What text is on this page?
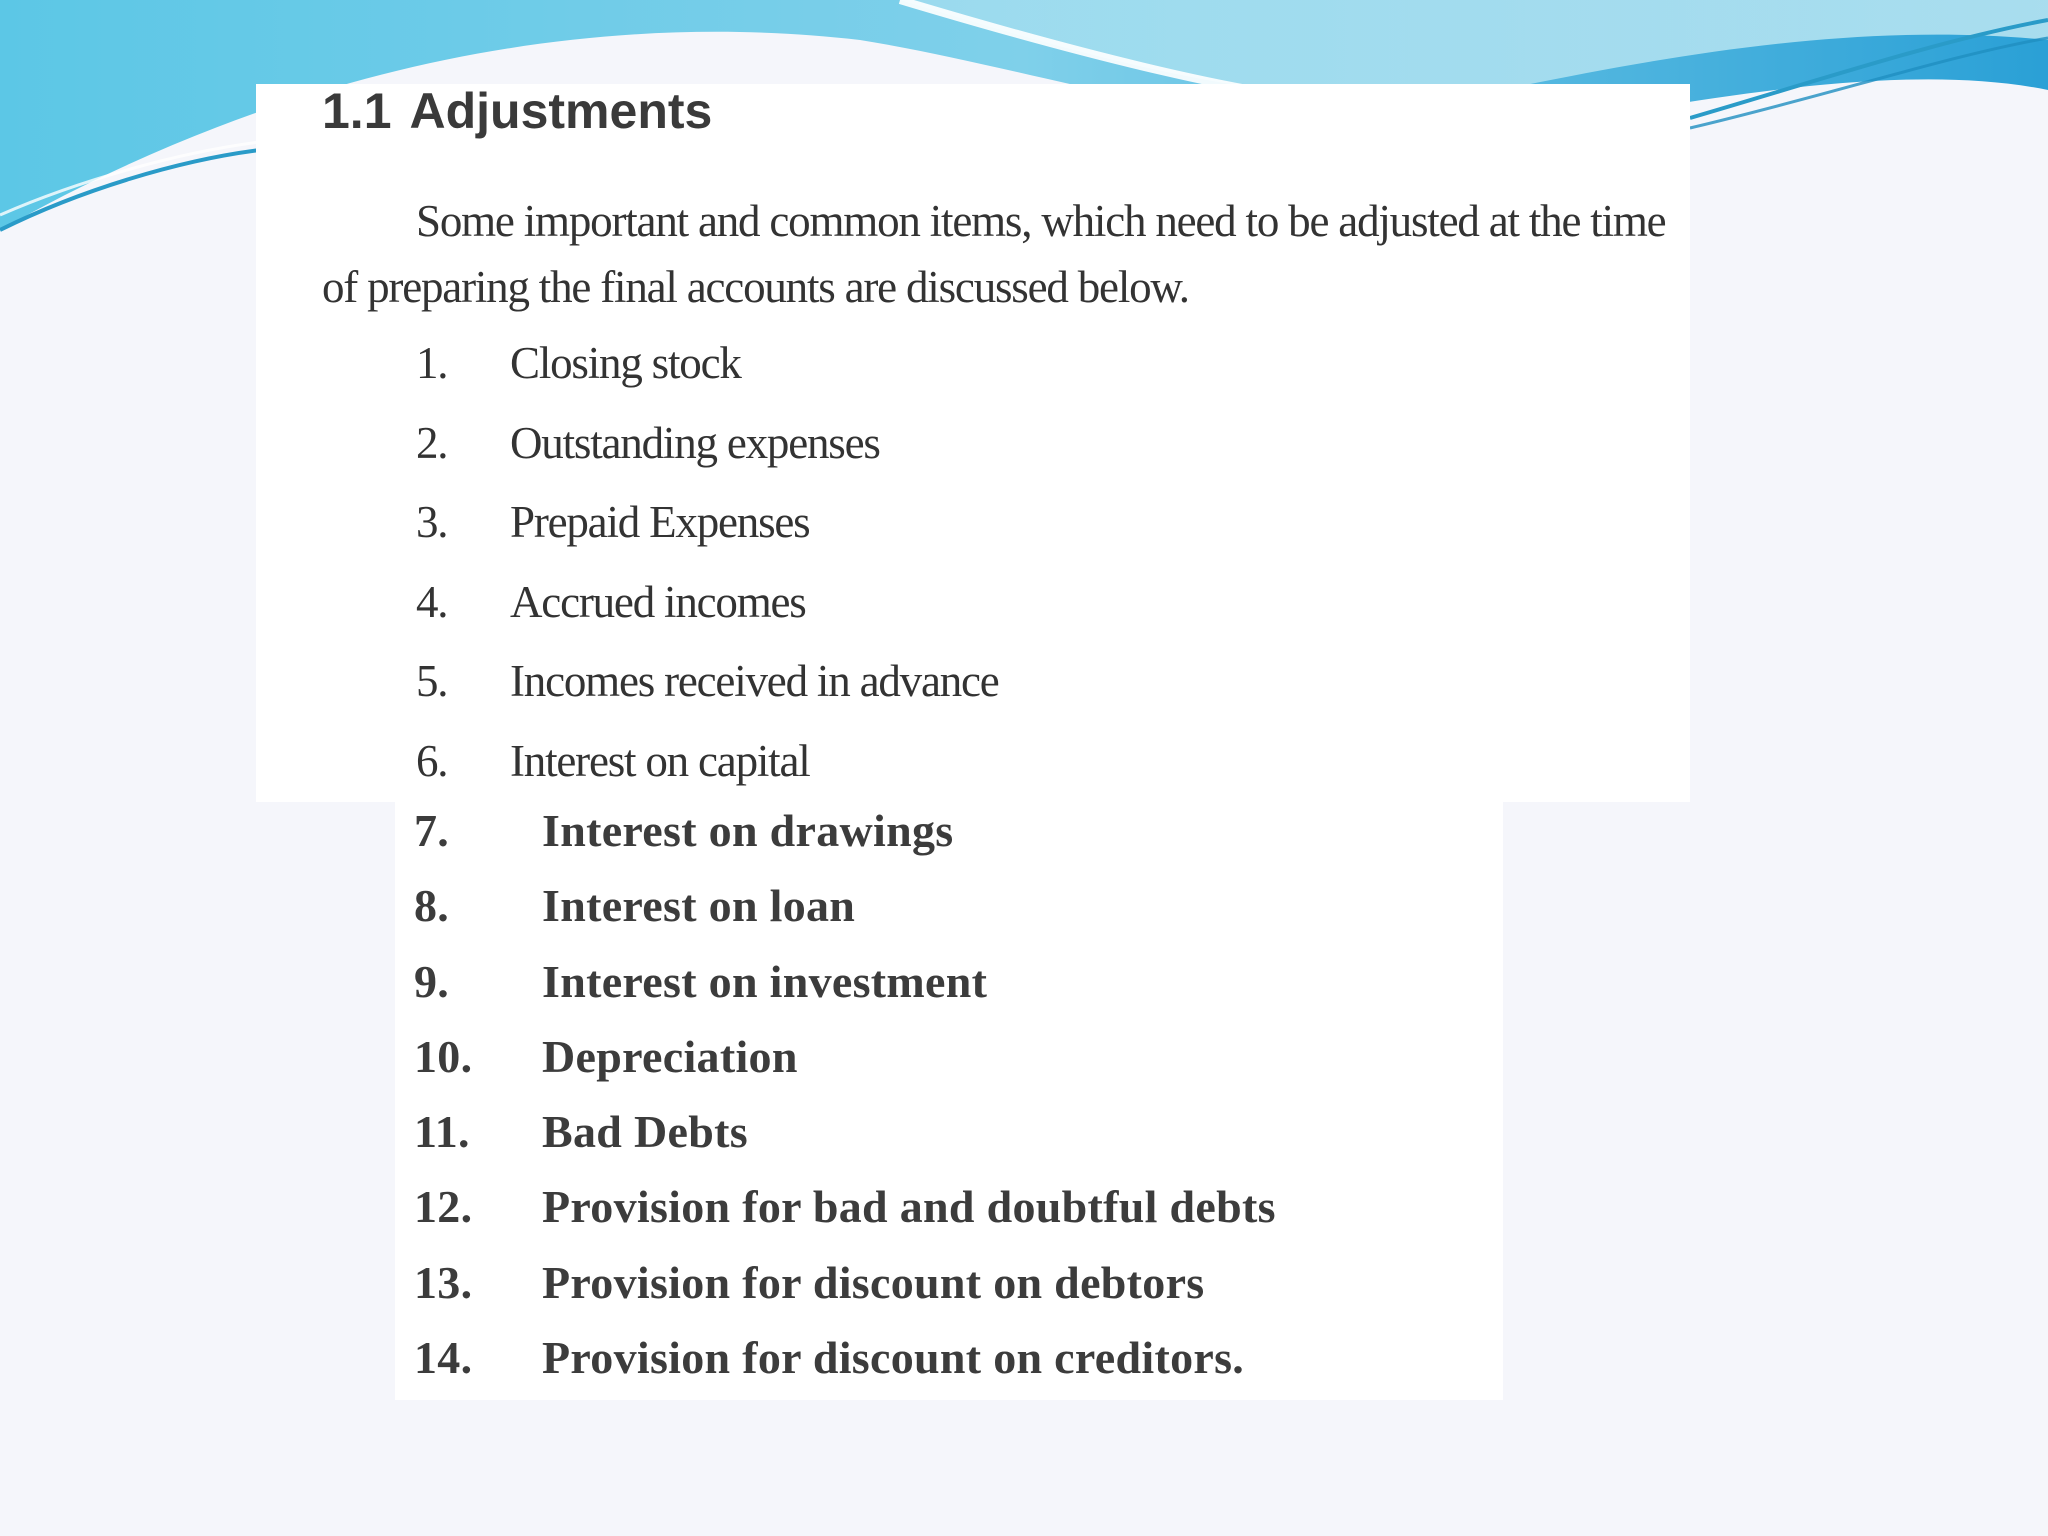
1.1 Adjustments

Some important and common items, which need to be adjusted at the time of preparing the final accounts are discussed below.

1. Closing stock
2. Outstanding expenses
3. Prepaid Expenses
4. Accrued incomes
5. Incomes received in advance
6. Interest on capital
7. Interest on drawings
8. Interest on loan
9. Interest on investment
10. Depreciation
11. Bad Debts
12. Provision for bad and doubtful debts
13. Provision for discount on debtors
14. Provision for discount on creditors.
